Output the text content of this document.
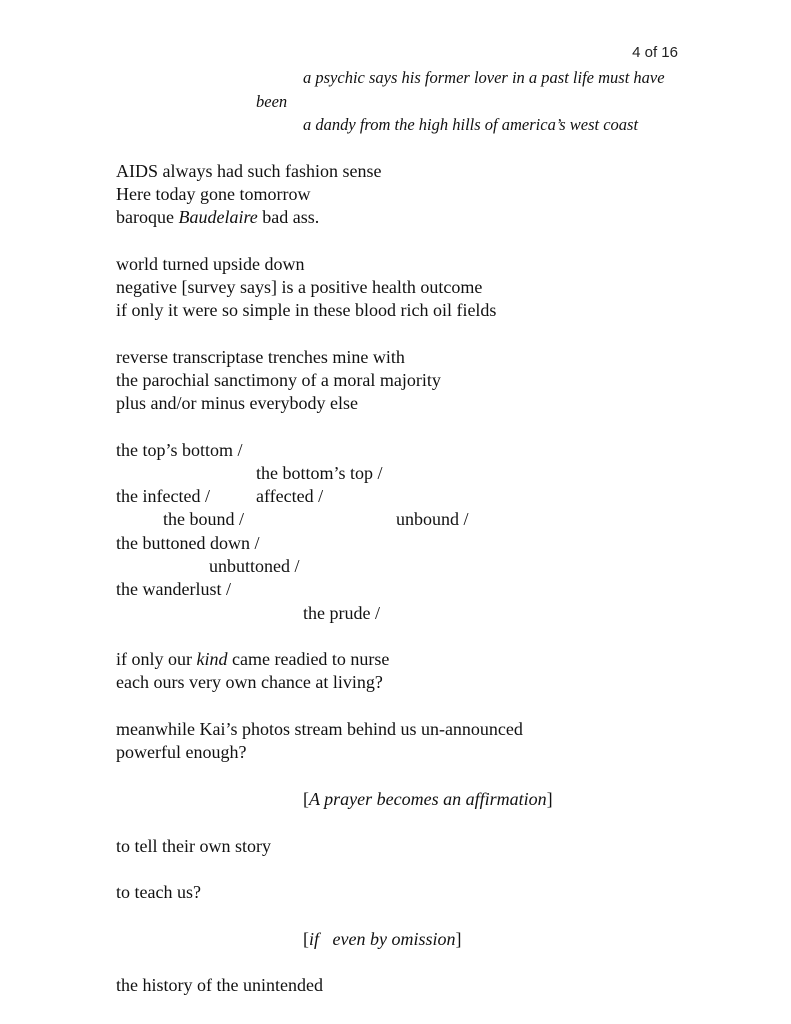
4 of 16
a psychic says his former lover in a past life must have
been
a dandy from the high hills of america’s west coast
AIDS always had such fashion sense
Here today gone tomorrow
baroque Baudelaire bad ass.
world turned upside down
negative [survey says] is a positive health outcome
if only it were so simple in these blood rich oil fields
reverse transcriptase trenches mine with
the parochial sanctimony of a moral majority
plus and/or minus everybody else
the top’s bottom /
the bottom’s top /
the infected /	affected /
the bound /	unbound /
the buttoned down /
unbuttoned /
the wanderlust /
the prude /
if only our kind came readied to nurse
each ours very own chance at living?
meanwhile Kai’s photos stream behind us un-announced
powerful enough?
[A prayer becomes an affirmation]
to tell their own story
to teach us?
[if   even by omission]
the history of the unintended
